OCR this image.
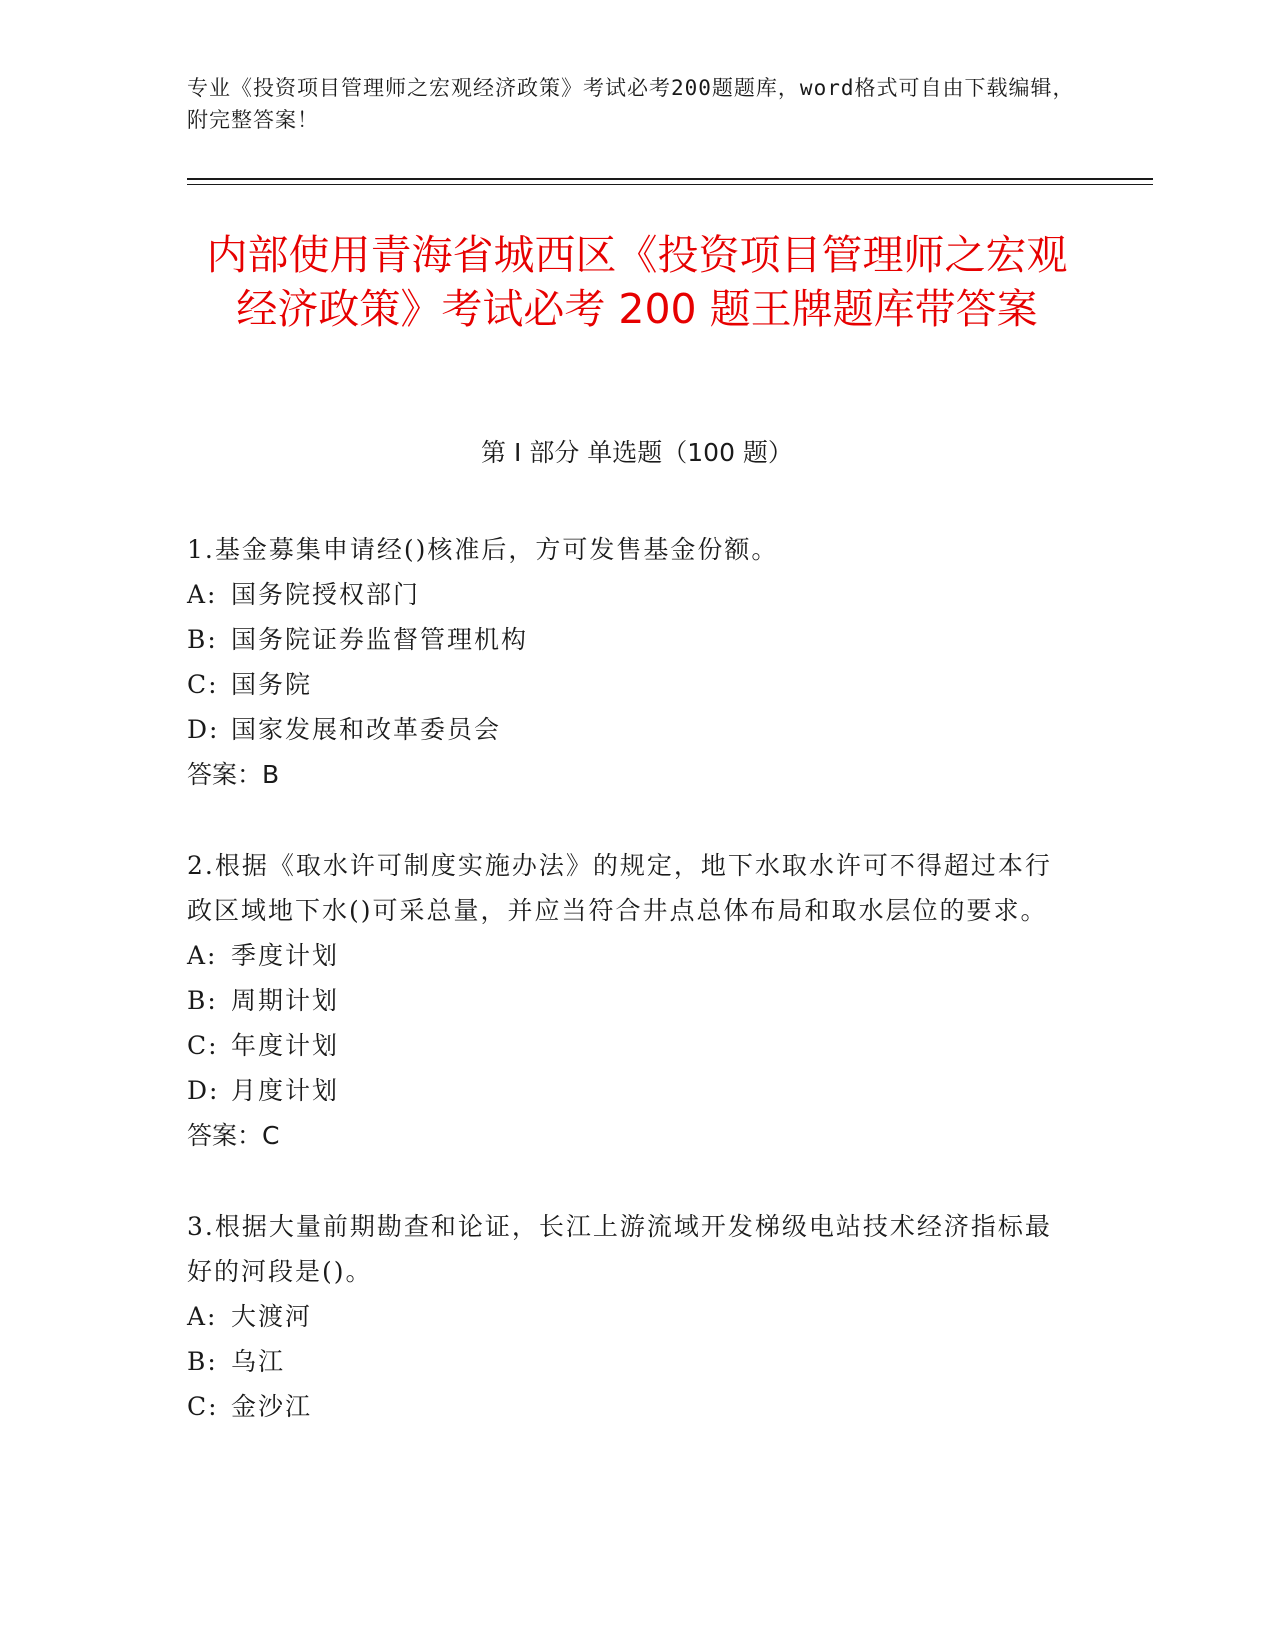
专业《投资项目管理师之宏观经济政策》考试必考200题题库，word格式可自由下载编辑，附完整答案！
内部使用青海省城西区《投资项目管理师之宏观经济政策》考试必考 200 题王牌题库带答案
第 I 部分 单选题（100 题）

1.基金募集申请经()核准后，方可发售基金份额。

A: 国务院授权部门

B: 国务院证券监督管理机构

C: 国务院

D: 国家发展和改革委员会

答案：B

2.根据《取水许可制度实施办法》的规定，地下水取水许可不得超过本行政区域地下水()可采总量，并应当符合井点总体布局和取水层位的要求。

A: 季度计划

B: 周期计划

C: 年度计划

D: 月度计划

答案：C

3.根据大量前期勘查和论证，长江上游流域开发梯级电站技术经济指标最好的河段是()。

A: 大渡河

B: 乌江

C: 金沙江
